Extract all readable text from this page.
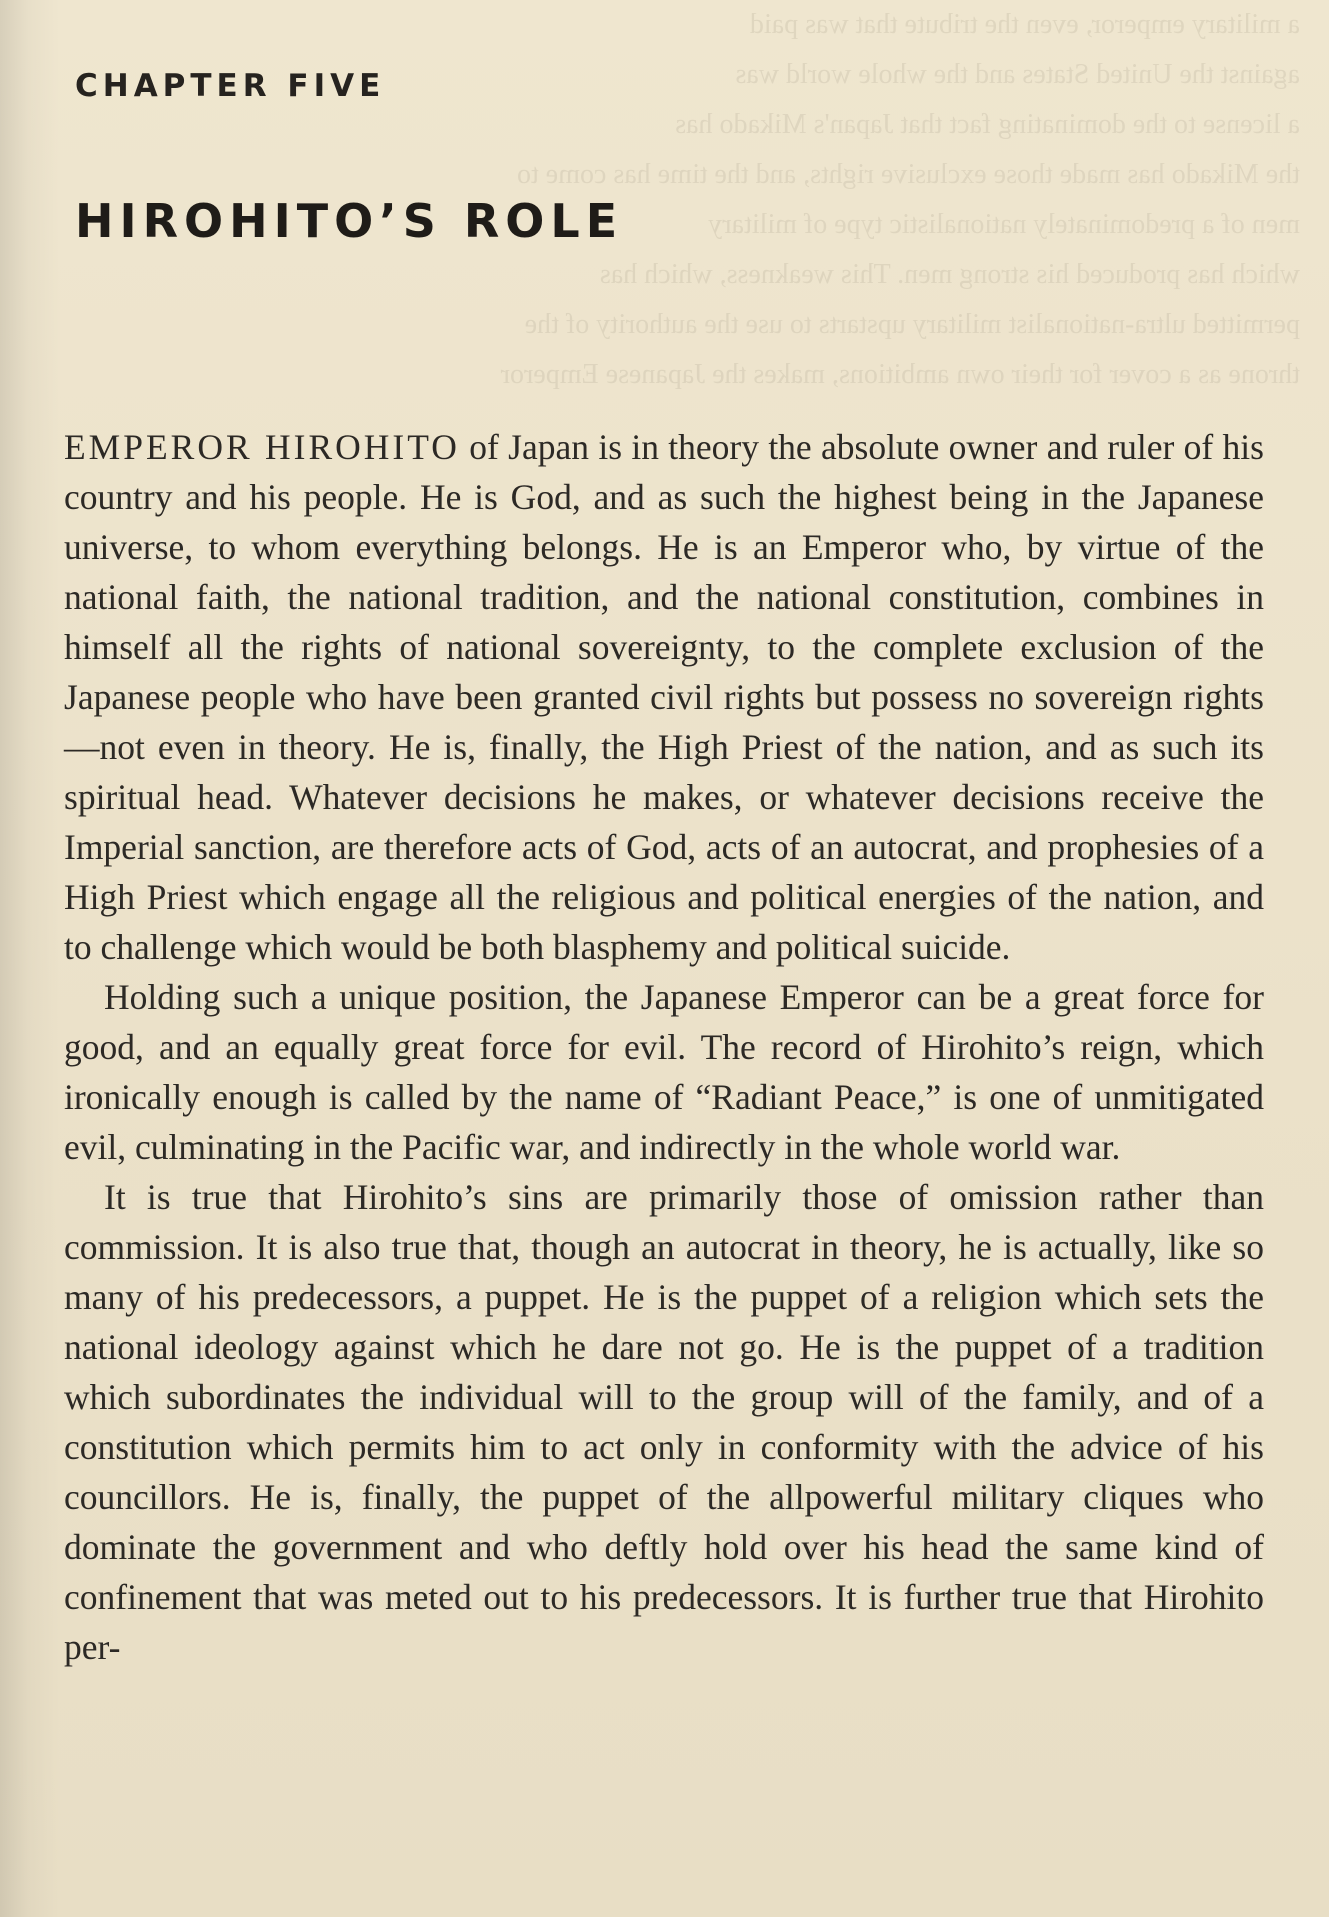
a military emperor, even the tribute that was paid
against the United States and the whole world was
a license to the dominating fact that Japan's Mikado has
the Mikado has made those exclusive rights, and the time has come to
men of a predominately nationalistic type of military
which has produced his strong men. This weakness, which has
permitted ultra-nationalist military upstarts to use the authority of the
throne as a cover for their own ambitions, makes the Japanese Emperor
CHAPTER FIVE
HIROHITO’S ROLE

EMPEROR HIROHITO of Japan is in theory the absolute owner and ruler of his country and his people. He is God, and as such the highest being in the Japanese universe, to whom everything belongs. He is an Emperor who, by virtue of the national faith, the national tradition, and the national constitution, combines in himself all the rights of national sovereignty, to the complete exclusion of the Japanese people who have been granted civil rights but possess no sovereign rights—not even in theory. He is, finally, the High Priest of the nation, and as such its spiritual head. Whatever decisions he makes, or whatever decisions receive the Imperial sanction, are therefore acts of God, acts of an autocrat, and prophesies of a High Priest which engage all the religious and political energies of the nation, and to challenge which would be both blasphemy and political suicide.

Holding such a unique position, the Japanese Emperor can be a great force for good, and an equally great force for evil. The record of Hirohito’s reign, which ironically enough is called by the name of “Radiant Peace,” is one of unmitigated evil, culminating in the Pacific war, and indirectly in the whole world war.

It is true that Hirohito’s sins are primarily those of omission rather than commission. It is also true that, though an autocrat in theory, he is actually, like so many of his predecessors, a puppet. He is the puppet of a religion which sets the national ideology against which he dare not go. He is the puppet of a tradition which subordinates the individual will to the group will of the family, and of a constitution which permits him to act only in conformity with the advice of his councillors. He is, finally, the puppet of the allpowerful military cliques who dominate the government and who deftly hold over his head the same kind of confinement that was meted out to his predecessors. It is further true that Hirohito per-
